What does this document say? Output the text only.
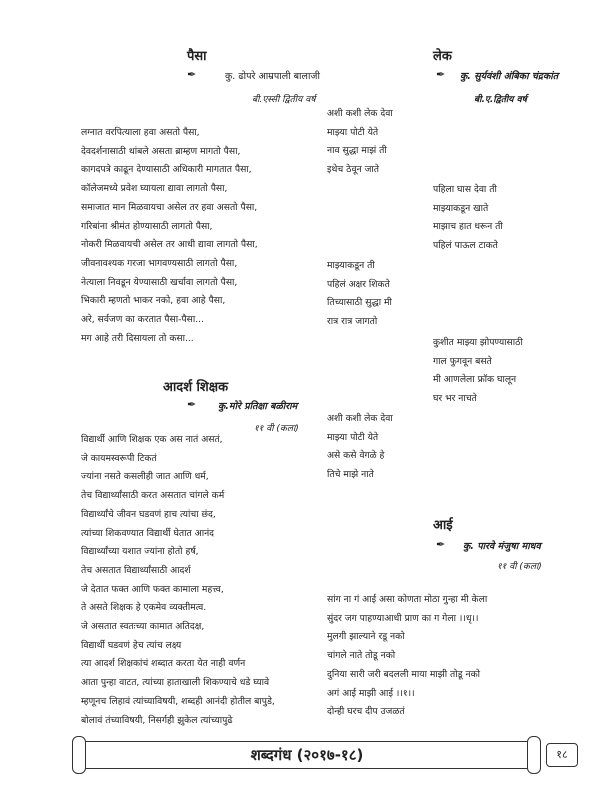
पैसा
✒	कु. ढोपरे आम्रपाली बालाजी
बी.एस्सी द्वितीय वर्ष
लग्नात वरपित्याला हवा असतो पैसा,
देवदर्शनासाठी थांबले असता ब्राम्हण मागतो पैसा,
कागदपत्रे काढून देण्यासाठी अधिकारी मागतात पैसा,
कॉलेजमध्ये प्रवेश घ्यायला द्यावा लागतो पैसा,
समाजात मान मिळवायचा असेल तर हवा असतो पैसा,
गरिबांना श्रीमंत होण्यासाठी लागतो पैसा,
नोकरी मिळवायची असेल तर आधी द्यावा लागतो पैसा,
जीवनावश्यक गरजा भागवण्यसाठी लागतो पैसा,
नेत्याला निवडून येण्यासाठी खर्चावा लागतो पैसा,
भिकारी म्हणतो भाकर नको, हवा आहे पैसा,
अरे, सर्वजण का करतात पैसा-पैसा...
मग आहे तरी दिसायला तो कसा...
लेक
✒ कु. सुर्यवंशी अंबिका चंद्रकांत
बी.ए.द्वितीय वर्ष
अशी कशी लेक देवा
माझ्या पोटी येते
नाव सुद्धा माझं ती
इथेच ठेवून जाते
पहिला घास देवा ती
माझ्याकडून खाते
माझाच हात धरून ती
पहिलं पाऊल टाकते
माझ्याकडून ती
पहिलं अक्षर शिकते
तिच्यासाठी सुद्धा मी
रात्र रात्र जागतो
कुशीत माझ्या झोपण्यासाठी
गाल फुगवून बसते
मी आणलेला फ्रॉक घालून
घर भर नाचते
अशी कशी लेक देवा
माझ्या पोटी येते
असे कसे वेगळे हे
तिचे माझे नाते
आदर्श शिक्षक
✒ कु.मोरे प्रतिक्षा बळीराम
११ वी (कला)
विद्यार्थी आणि शिक्षक एक अस नातं असतं,
जे कायमस्वरूपी टिकतं
ज्यांना नसते कसलीही जात आणि धर्म,
तेच विद्यार्थ्यांसाठी करत असतात चांगले कर्म
विद्यार्थ्यांचे जीवन घडवणं हाच त्यांचा छंद,
त्यांच्या शिकवण्यात विद्यार्थी घेतात आनंद
विद्यार्थ्यांच्या यशात ज्यांना होतो हर्ष,
तेच असतात विद्यार्थ्यांसाठी आदर्श
जे देतात फक्त आणि फक्त कामाला महत्त्व,
ते असते शिक्षक हे एकमेव व्यक्तीमत्व.
जे असतात स्वतःच्या कामात अतिदक्ष,
विद्यार्थी घडवणं हेच त्यांच लक्ष्य
त्या आदर्श शिक्षकांचं शब्दात करता येत नाही वर्णन
आता पुन्हा वाटत, त्यांच्या हाताखाली शिकण्याचे धडे घ्यावे
म्हणूनच लिहावं त्यांच्याविषयी, शब्दही आनंदी होतील बापुडे,
बोलावं तंच्याविषयी, निसर्गही झुकेल त्यांच्यापुढे
आई
✒ कु. पारवे मंजुषा माधव
११ वी (कला)
सांग ना गं आई असा कोणता मोठा गुन्हा मी केला
सुंदर जग पाहण्याआधी प्राण का ग गेला ।।धृ।।
मुलगी झाल्याने रडू नको
चांगले नाते तोडू नको
दुनिया सारी जरी बदलली माया माझी तोडू नको
अगं आई माझी आई ।।१।।
दोन्ही घरच दीप उजळतं
शब्दगंध (२०१७-१८)	१८
